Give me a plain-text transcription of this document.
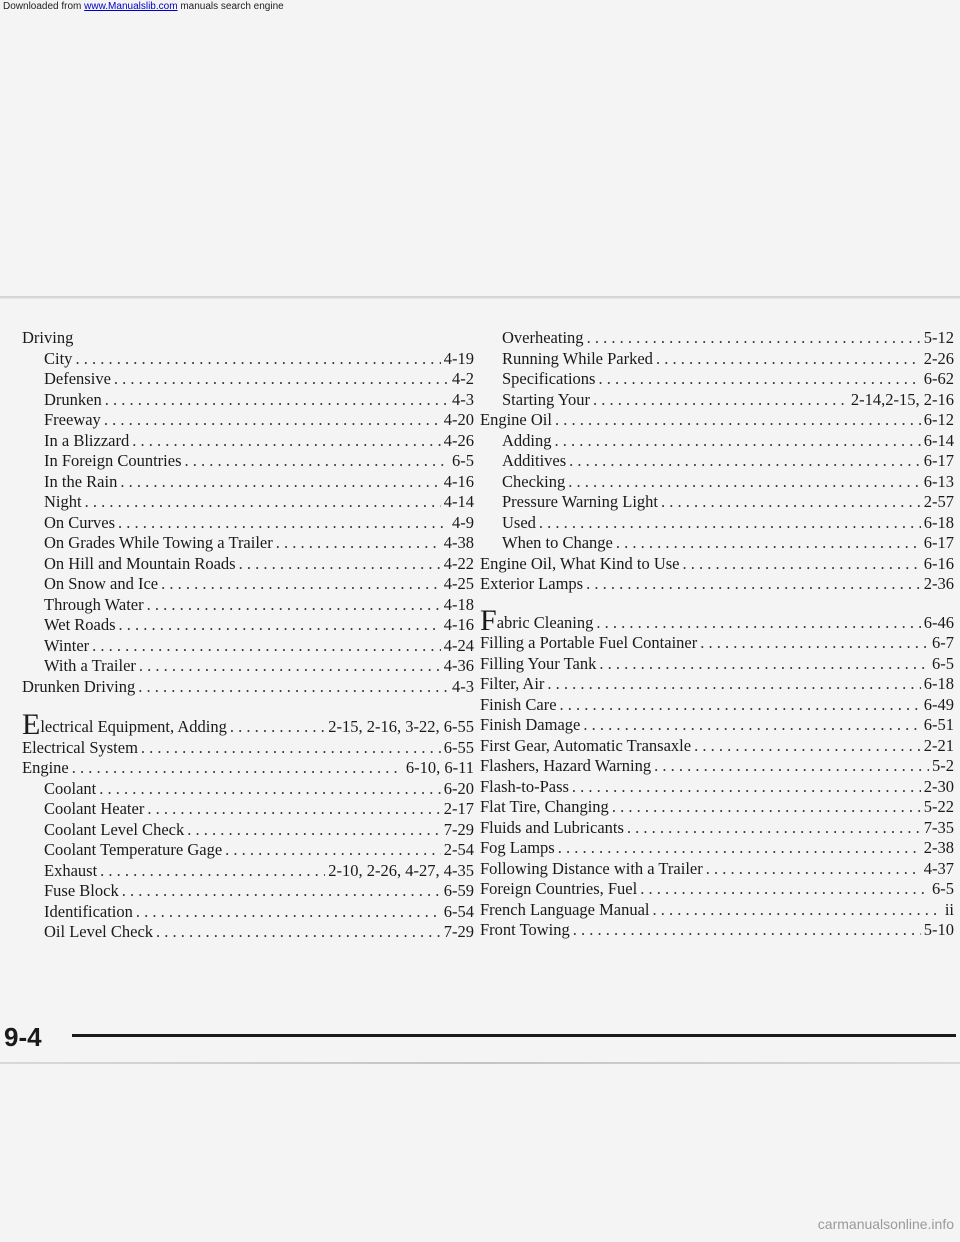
Downloaded from www.Manualslib.com manuals search engine
Driving
City . . .	4-19
Defensive . . .	4-2
Drunken . . .	4-3
Freeway . . .	4-20
In a Blizzard . . .	4-26
In Foreign Countries . . .	6-5
In the Rain . . .	4-16
Night . . .	4-14
On Curves . . .	4-9
On Grades While Towing a Trailer . . .	4-38
On Hill and Mountain Roads . . .	4-22
On Snow and Ice . . .	4-25
Through Water . . .	4-18
Wet Roads . . .	4-16
Winter . . .	4-24
With a Trailer . . .	4-36
Drunken Driving . . .	4-3
Electrical Equipment, Adding . . .	2-15, 2-16, 3-22, 6-55
Electrical System . . .	6-55
Engine . . .	6-10, 6-11
Coolant . . .	6-20
Coolant Heater . . .	2-17
Coolant Level Check . . .	7-29
Coolant Temperature Gage . . .	2-54
Exhaust . . .	2-10, 2-26, 4-27, 4-35
Fuse Block . . .	6-59
Identification . . .	6-54
Oil Level Check . . .	7-29
Overheating . . .	5-12
Running While Parked . . .	2-26
Specifications . . .	6-62
Starting Your . . .	2-14,2-15, 2-16
Engine Oil . . .	6-12
Adding . . .	6-14
Additives . . .	6-17
Checking . . .	6-13
Pressure Warning Light . . .	2-57
Used . . .	6-18
When to Change . . .	6-17
Engine Oil, What Kind to Use . . .	6-16
Exterior Lamps . . .	2-36
Fabric Cleaning . . .	6-46
Filling a Portable Fuel Container . . .	6-7
Filling Your Tank . . .	6-5
Filter, Air . . .	6-18
Finish Care . . .	6-49
Finish Damage . . .	6-51
First Gear, Automatic Transaxle . . .	2-21
Flashers, Hazard Warning . . .	5-2
Flash-to-Pass . . .	2-30
Flat Tire, Changing . . .	5-22
Fluids and Lubricants . . .	7-35
Fog Lamps . . .	2-38
Following Distance with a Trailer . . .	4-37
Foreign Countries, Fuel . . .	6-5
French Language Manual . . .	ii
Front Towing . . .	5-10
9-4
carmanualsonline.info
